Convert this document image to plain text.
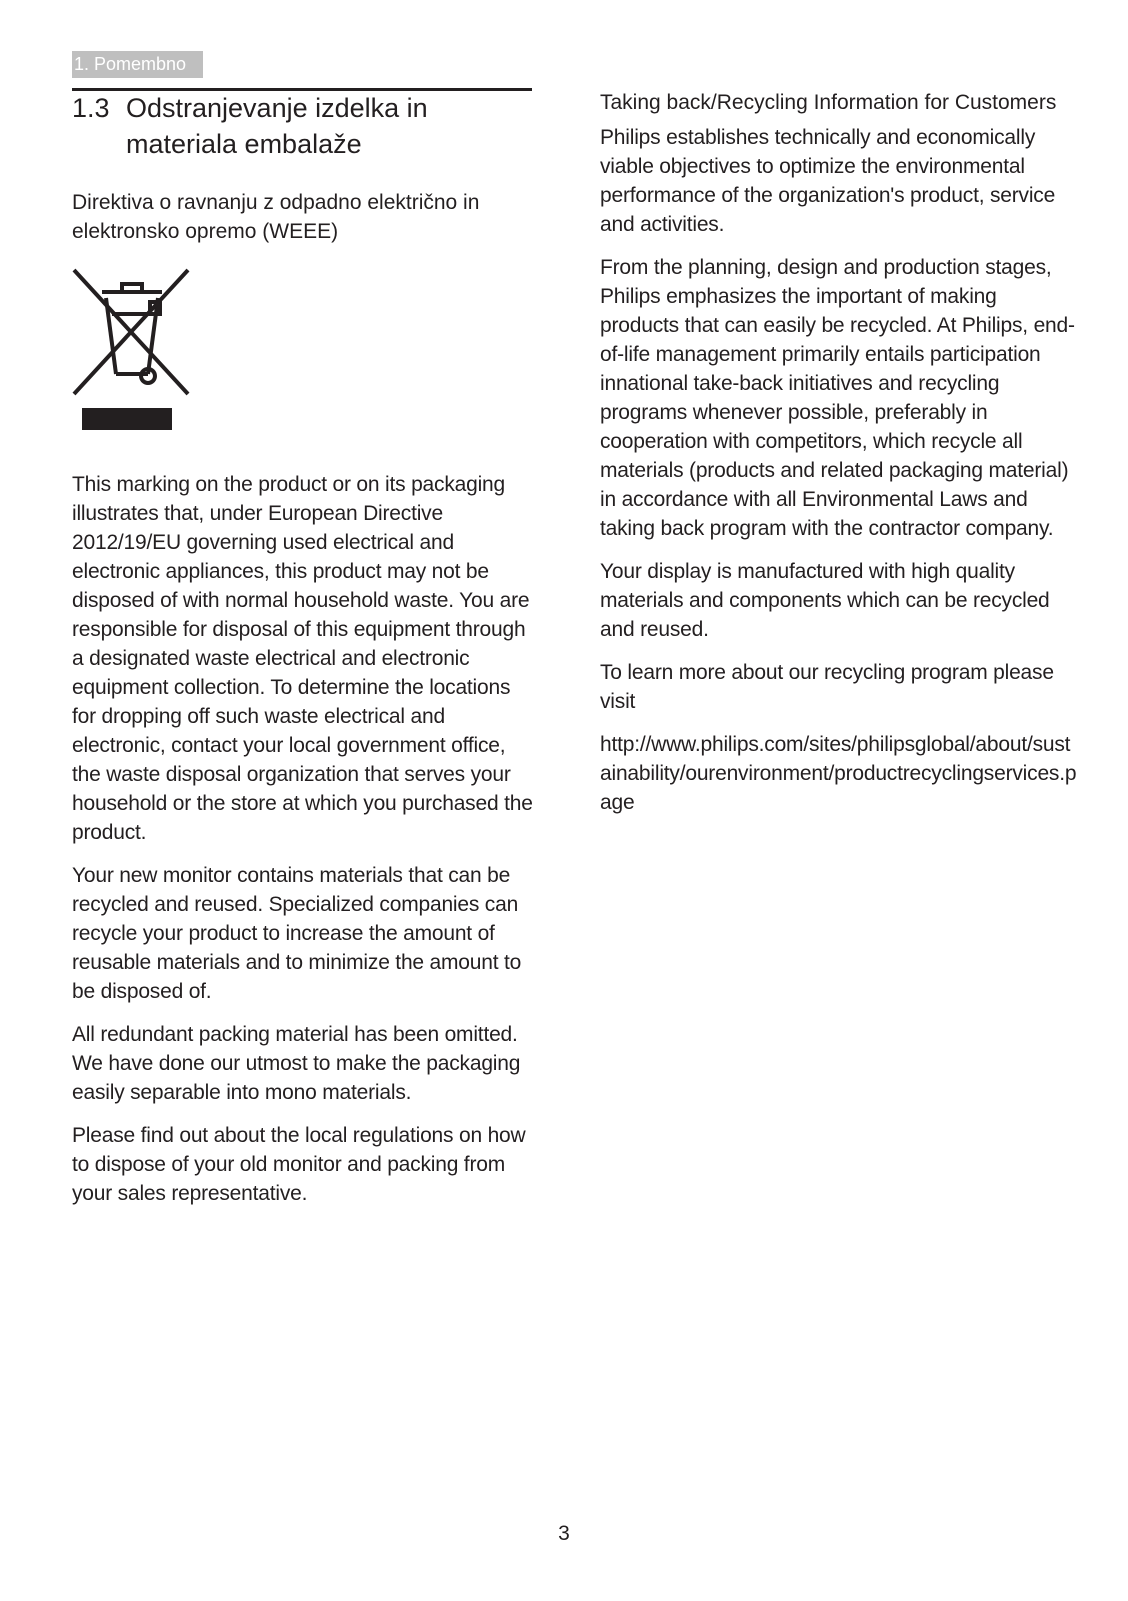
1. Pomembno
1.3 Odstranjevanje izdelka in materiala embalaže
Direktiva o ravnanju z odpadno električno in elektronsko opremo (WEEE)
This marking on the product or on its packaging illustrates that, under European Directive 2012/19/EU governing used electrical and electronic appliances, this product may not be disposed of with normal household waste. You are responsible for disposal of this equipment through a designated waste electrical and electronic equipment collection. To determine the locations for dropping off such waste electrical and electronic, contact your local government office, the waste disposal organization that serves your household or the store at which you purchased the product.
Your new monitor contains materials that can be recycled and reused. Specialized companies can recycle your product to increase the amount of reusable materials and to minimize the amount to be disposed of.
All redundant packing material has been omitted. We have done our utmost to make the packaging easily separable into mono materials.
Please find out about the local regulations on how to dispose of your old monitor and packing from your sales representative.
Taking back/Recycling Information for Customers
Philips establishes technically and economically viable objectives to optimize the environmental performance of the organization's product, service and activities.
From the planning, design and production stages, Philips emphasizes the important of making products that can easily be recycled. At Philips, end-of-life management primarily entails participation innational take-back initiatives and recycling programs whenever possible, preferably in cooperation with competitors, which recycle all materials (products and related packaging material) in accordance with all Environmental Laws and taking back program with the contractor company.
Your display is manufactured with high quality materials and components which can be recycled and reused.
To learn more about our recycling program please visit
http://www.philips.com/sites/philipsglobal/about/sustainability/ourenvironment/productrecyclingservices.page
3
